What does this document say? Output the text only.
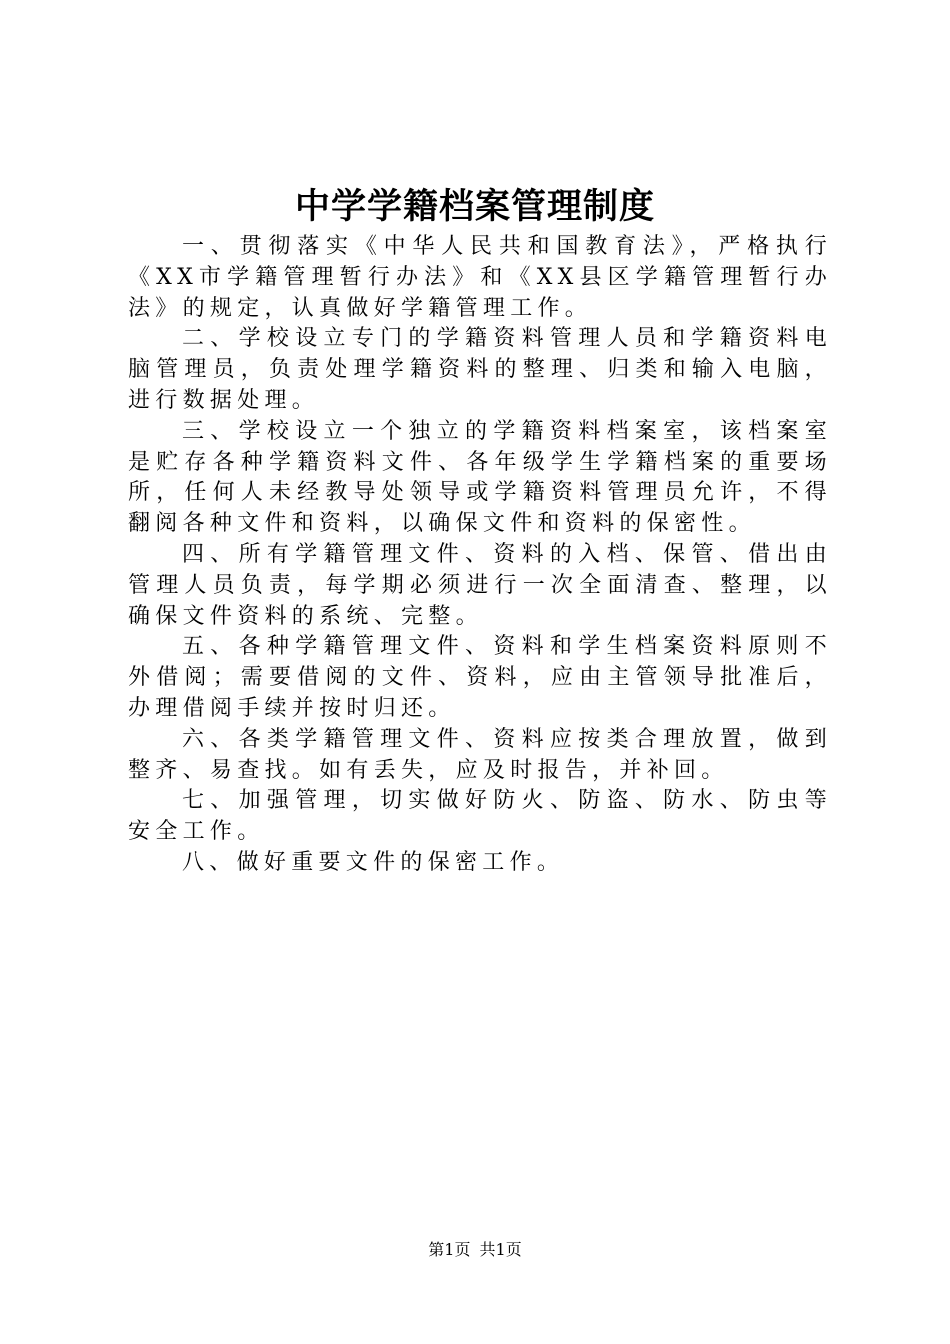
中学学籍档案管理制度

一、贯彻落实《中华人民共和国教育法》，严格执行《XX市学籍管理暂行办法》和《XX县区学籍管理暂行办法》的规定，认真做好学籍管理工作。

二、学校设立专门的学籍资料管理人员和学籍资料电脑管理员，负责处理学籍资料的整理、归类和输入电脑，进行数据处理。

三、学校设立一个独立的学籍资料档案室，该档案室是贮存各种学籍资料文件、各年级学生学籍档案的重要场所，任何人未经教导处领导或学籍资料管理员允许，不得翻阅各种文件和资料，以确保文件和资料的保密性。

四、所有学籍管理文件、资料的入档、保管、借出由管理人员负责，每学期必须进行一次全面清查、整理，以确保文件资料的系统、完整。

五、各种学籍管理文件、资料和学生档案资料原则不外借阅；需要借阅的文件、资料，应由主管领导批准后，办理借阅手续并按时归还。

六、各类学籍管理文件、资料应按类合理放置，做到整齐、易查找。如有丢失，应及时报告，并补回。

七、加强管理，切实做好防火、防盗、防水、防虫等安全工作。

八、做好重要文件的保密工作。

第1页 共1页
